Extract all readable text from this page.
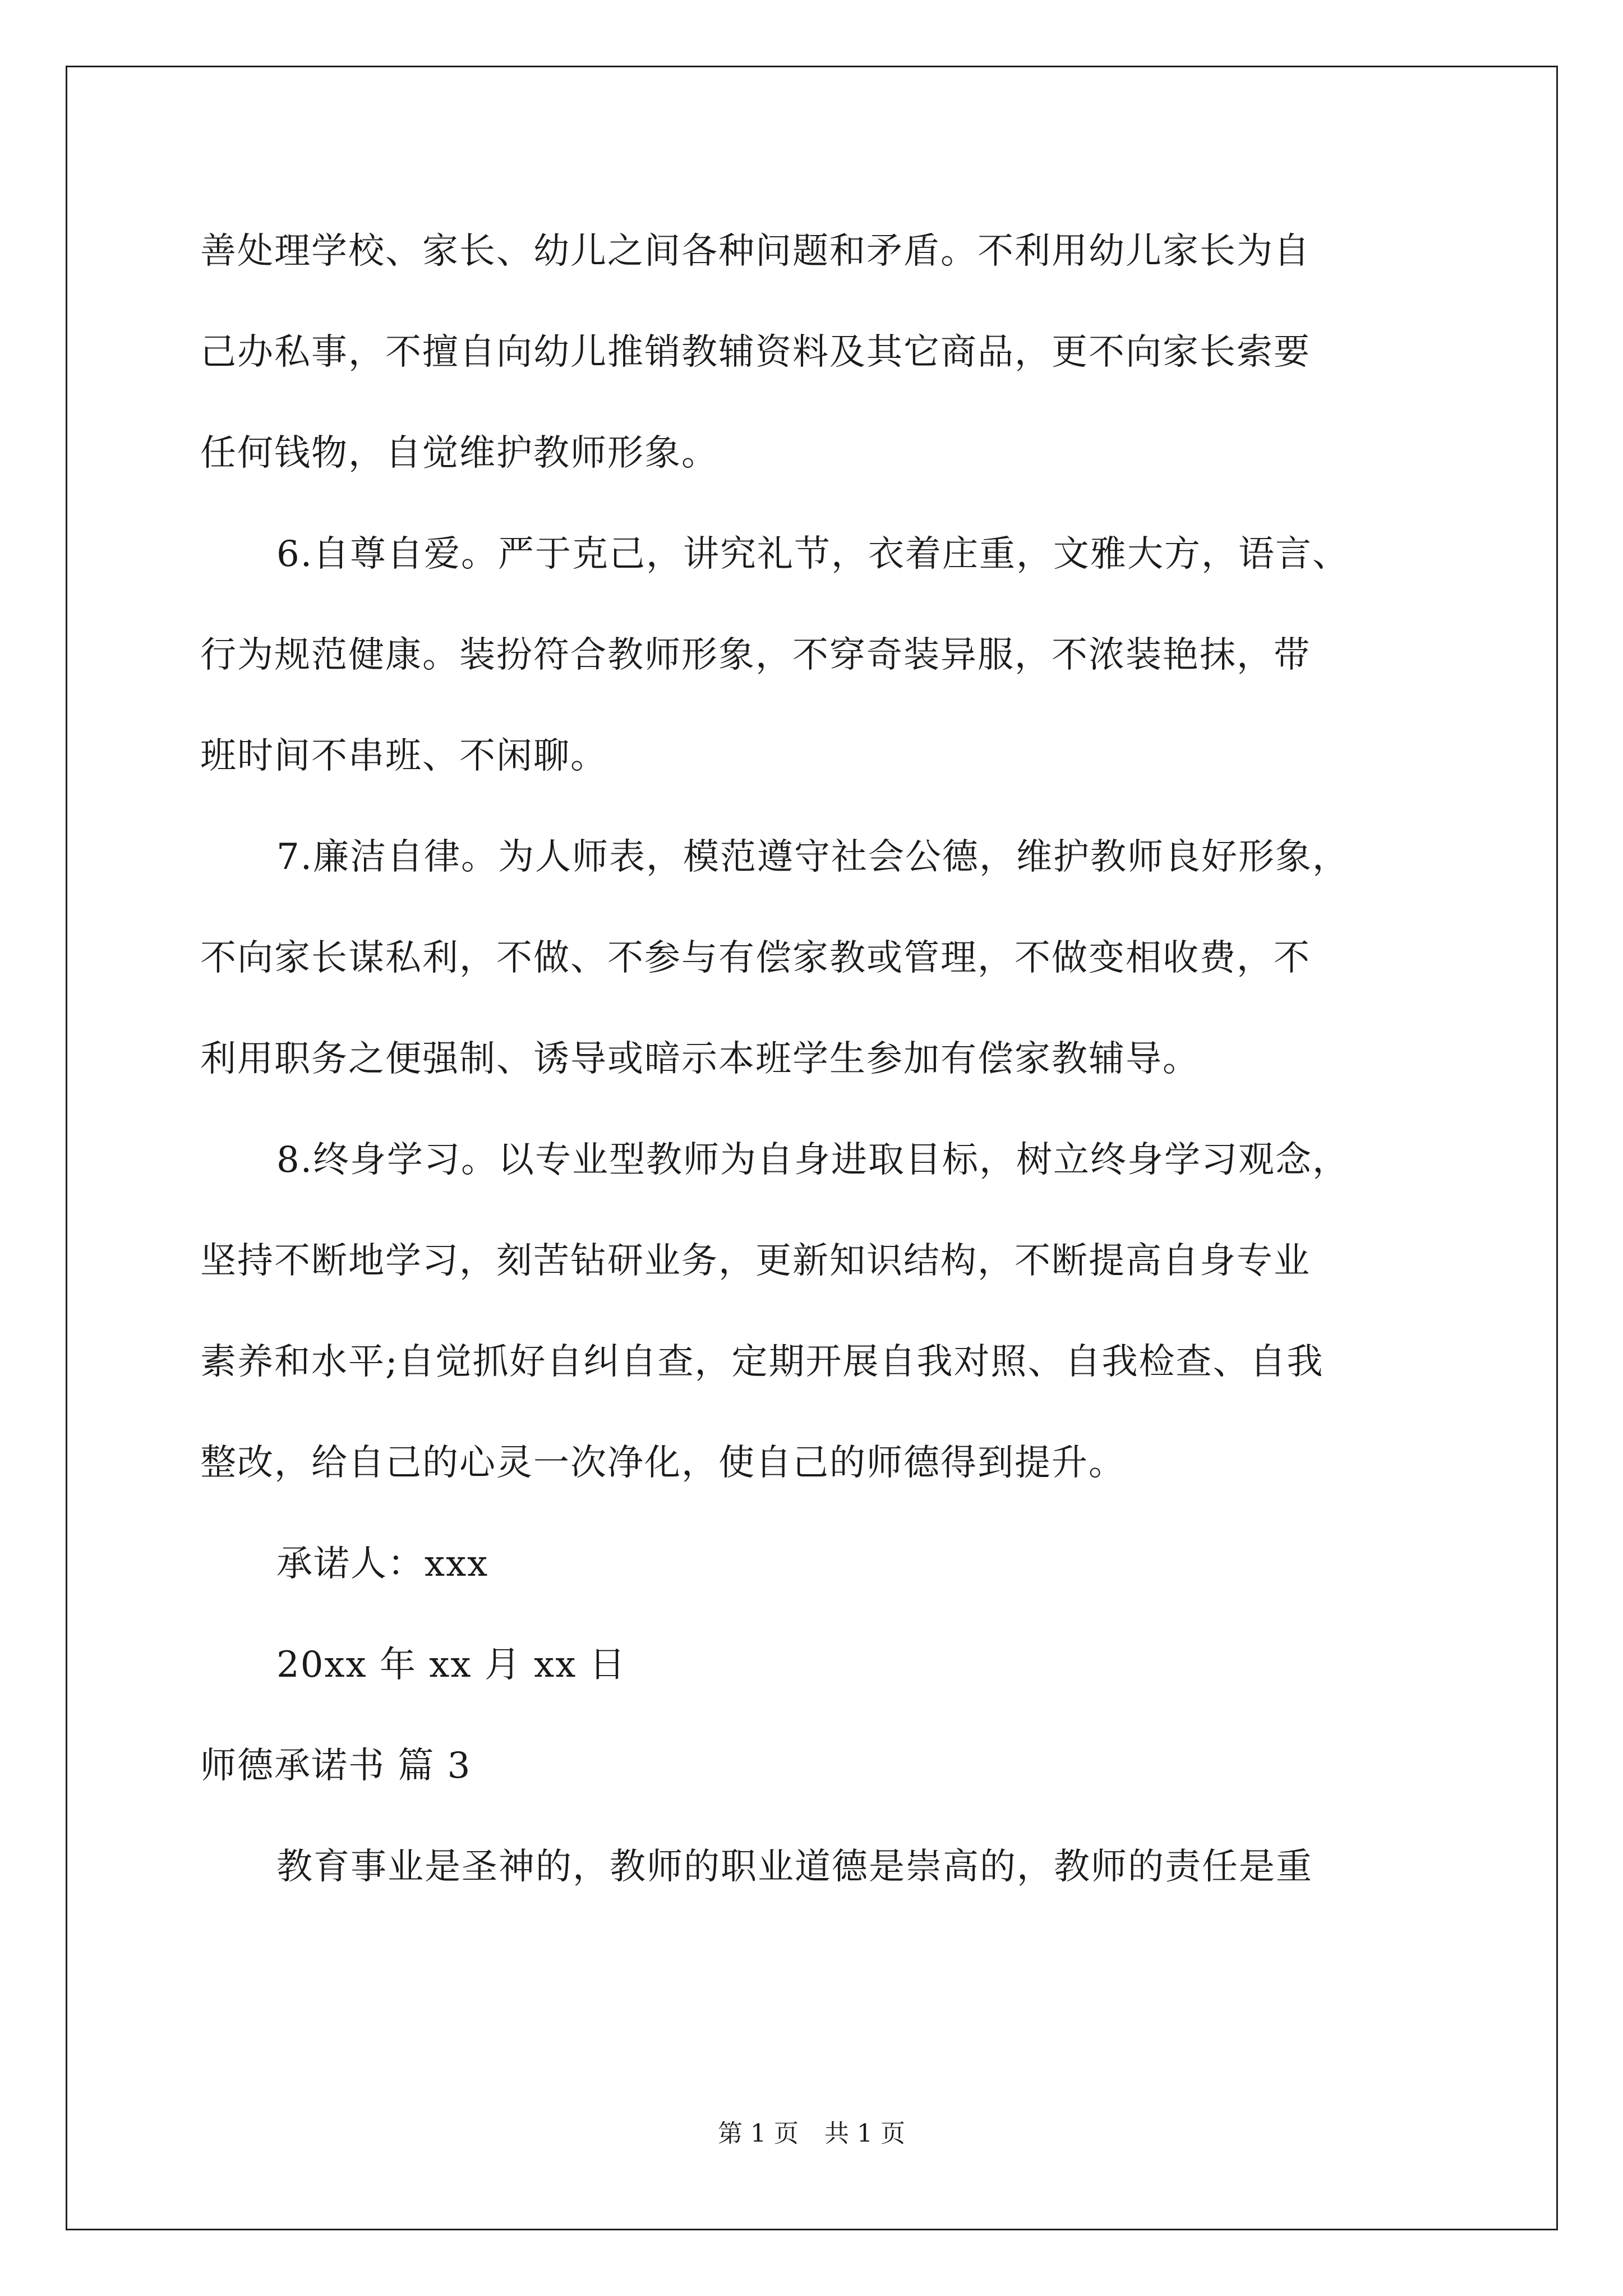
善处理学校、家长、幼儿之间各种问题和矛盾。不利用幼儿家长为自
己办私事，不擅自向幼儿推销教辅资料及其它商品，更不向家长索要
任何钱物，自觉维护教师形象。
6.自尊自爱。严于克己，讲究礼节，衣着庄重，文雅大方，语言、
行为规范健康。装扮符合教师形象，不穿奇装异服，不浓装艳抹，带
班时间不串班、不闲聊。
7.廉洁自律。为人师表，模范遵守社会公德，维护教师良好形象，
不向家长谋私利，不做、不参与有偿家教或管理，不做变相收费，不
利用职务之便强制、诱导或暗示本班学生参加有偿家教辅导。
8.终身学习。以专业型教师为自身进取目标，树立终身学习观念，
坚持不断地学习，刻苦钻研业务，更新知识结构，不断提高自身专业
素养和水平;自觉抓好自纠自查，定期开展自我对照、自我检查、自我
整改，给自己的心灵一次净化，使自己的师德得到提升。
承诺人：xxx
20xx 年 xx 月 xx 日
师德承诺书 篇 3
教育事业是圣神的，教师的职业道德是崇高的，教师的责任是重
第 1 页 共 1 页
